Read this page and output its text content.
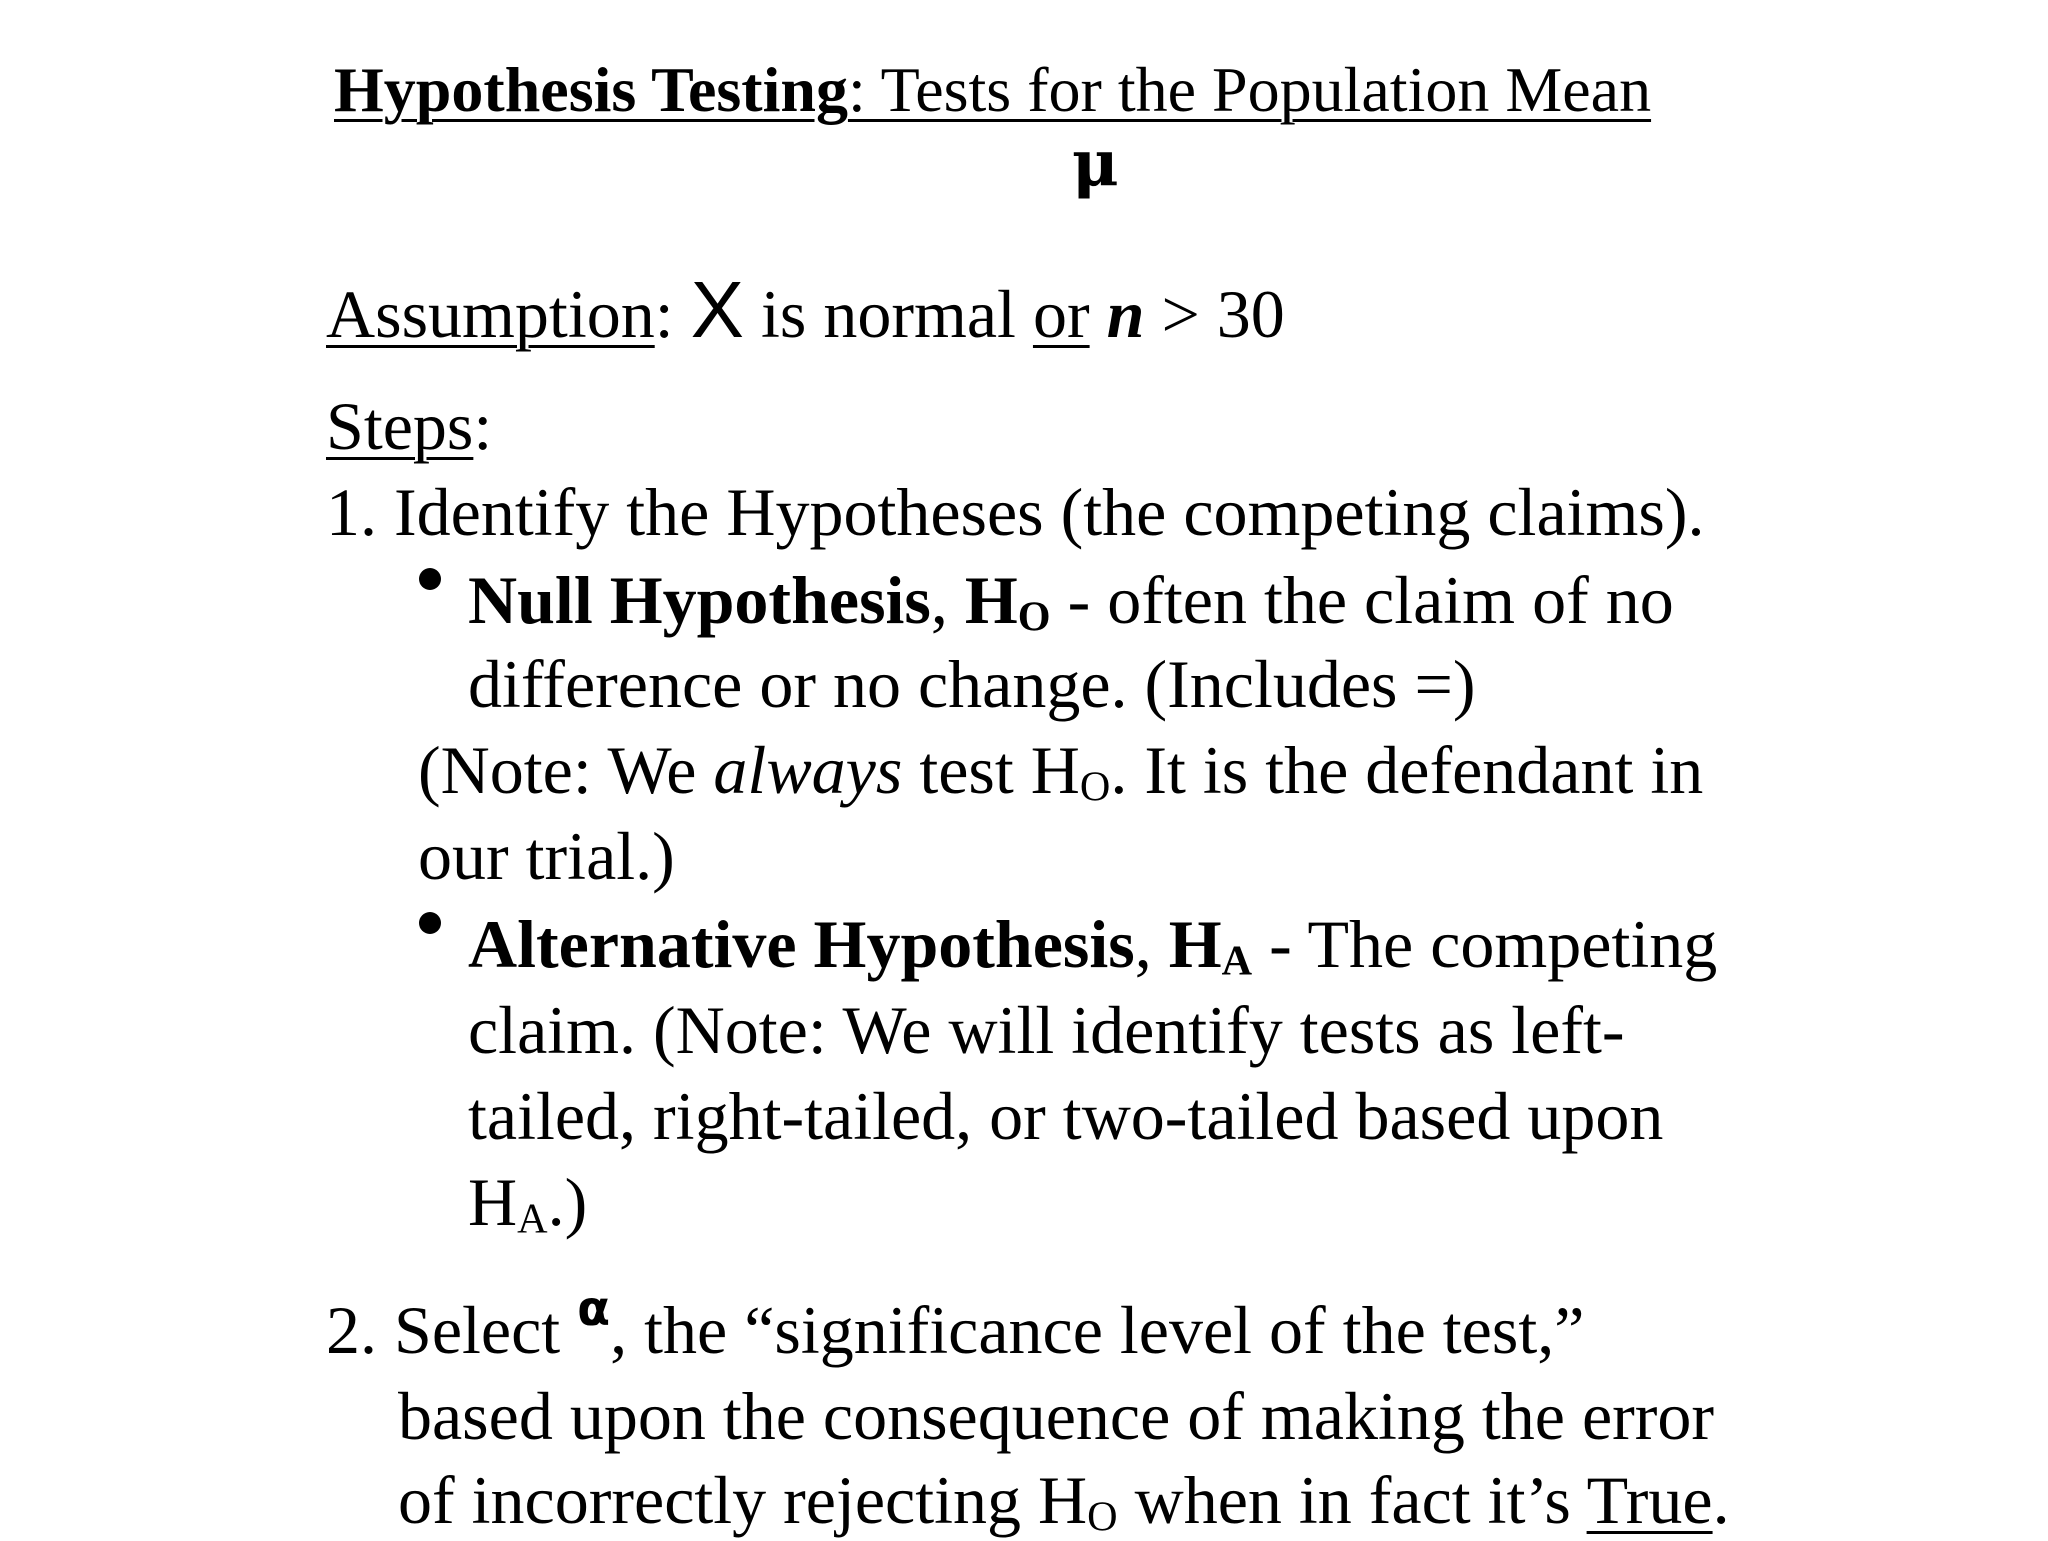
Hypothesis Testing: Tests for the Population Mean
μ
Assumption: X is normal or n > 30
Steps:
1. Identify the Hypotheses (the competing claims).
Null Hypothesis, $H_O$ - often the claim of no
difference or no change. (Includes =)
(Note: We always test $H_O$. It is the defendant in
our trial.)
Alternative Hypothesis, $H_A$ - The competing
claim. (Note: We will identify tests as left-
tailed, right-tailed, or two-tailed based upon
$H_A$.)
2. Select $^\alpha$, the “significance level of the test,”
based upon the consequence of making the error
of incorrectly rejecting $H_O$ when in fact it’s True.
